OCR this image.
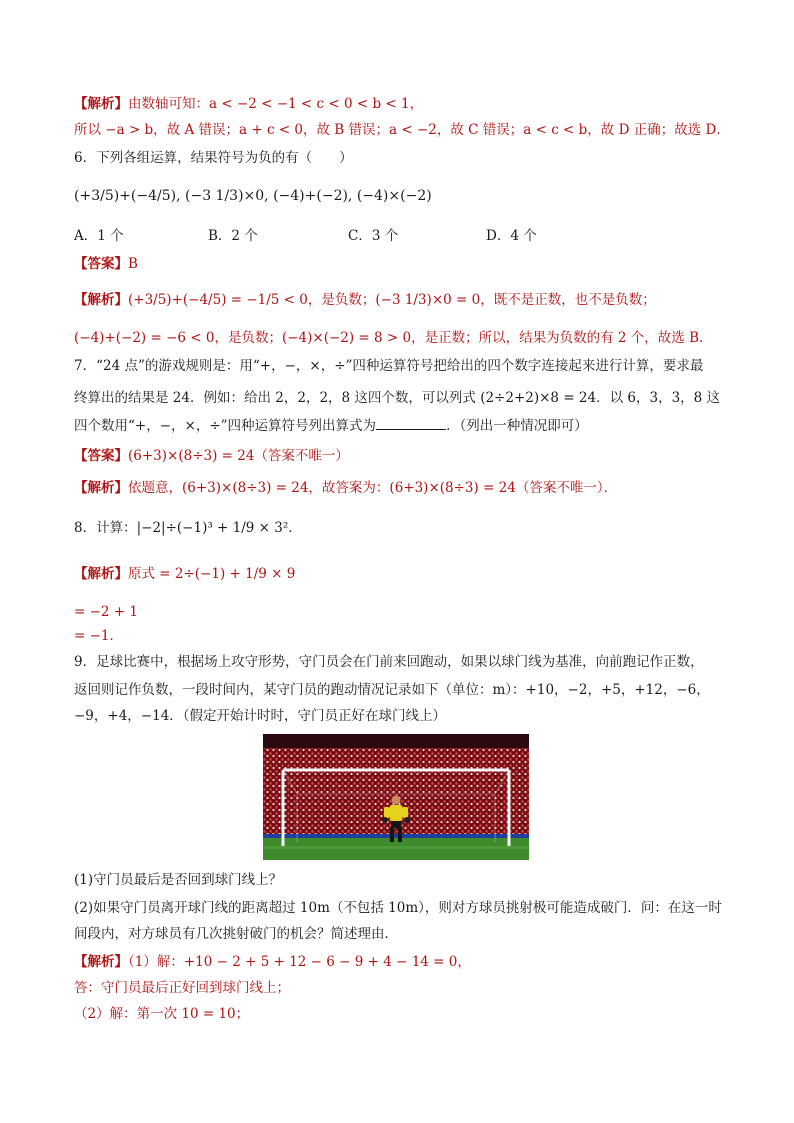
【解析】由数轴可知：a < −2 < −1 < c < 0 < b < 1，
所以 −a > b，故 A 错误；a + c < 0，故 B 错误；a < −2，故 C 错误；a < c < b，故 D 正确；故选 D．
6．下列各组运算，结果符号为负的有（　　）
(+3/5)+(−4/5), (−3 1/3)×0, (−4)+(−2), (−4)×(−2)
A．1 个	B．2 个	C．3 个	D．4 个
【答案】B
【解析】(+3/5)+(−4/5) = −1/5 < 0，是负数；(−3 1/3)×0 = 0，既不是正数，也不是负数；
(−4)+(−2) = −6 < 0，是负数；(−4)×(−2) = 8 > 0，是正数；所以，结果为负数的有 2 个，故选 B．
7．“24 点”的游戏规则是：用“+，−，×，÷”四种运算符号把给出的四个数字连接起来进行计算，要求最
终算出的结果是 24．例如：给出 2，2，2，8 这四个数，可以列式 (2÷2+2)×8 = 24．以 6，3，3，8 这
四个数用“+，−，×，÷”四种运算符号列出算式为	．（列出一种情况即可）
【答案】(6+3)×(8÷3) = 24（答案不唯一）
【解析】依题意，(6+3)×(8÷3) = 24，故答案为：(6+3)×(8÷3) = 24（答案不唯一）．
8．计算：|−2|÷(−1)³ + 1/9 × 3²．
【解析】原式 = 2÷(−1) + 1/9 × 9
= −2 + 1
= −1．
9．足球比赛中，根据场上攻守形势，守门员会在门前来回跑动，如果以球门线为基准，向前跑记作正数，
返回则记作负数，一段时间内，某守门员的跑动情况记录如下（单位：m）：+10，−2，+5，+12，−6，
−9，+4，−14．（假定开始计时时，守门员正好在球门线上）
(1)守门员最后是否回到球门线上？
(2)如果守门员离开球门线的距离超过 10m（不包括 10m），则对方球员挑射极可能造成破门．问：在这一时
间段内，对方球员有几次挑射破门的机会？简述理由．
【解析】（1）解：+10 − 2 + 5 + 12 − 6 − 9 + 4 − 14 = 0，
答：守门员最后正好回到球门线上；
（2）解：第一次 10 = 10；
